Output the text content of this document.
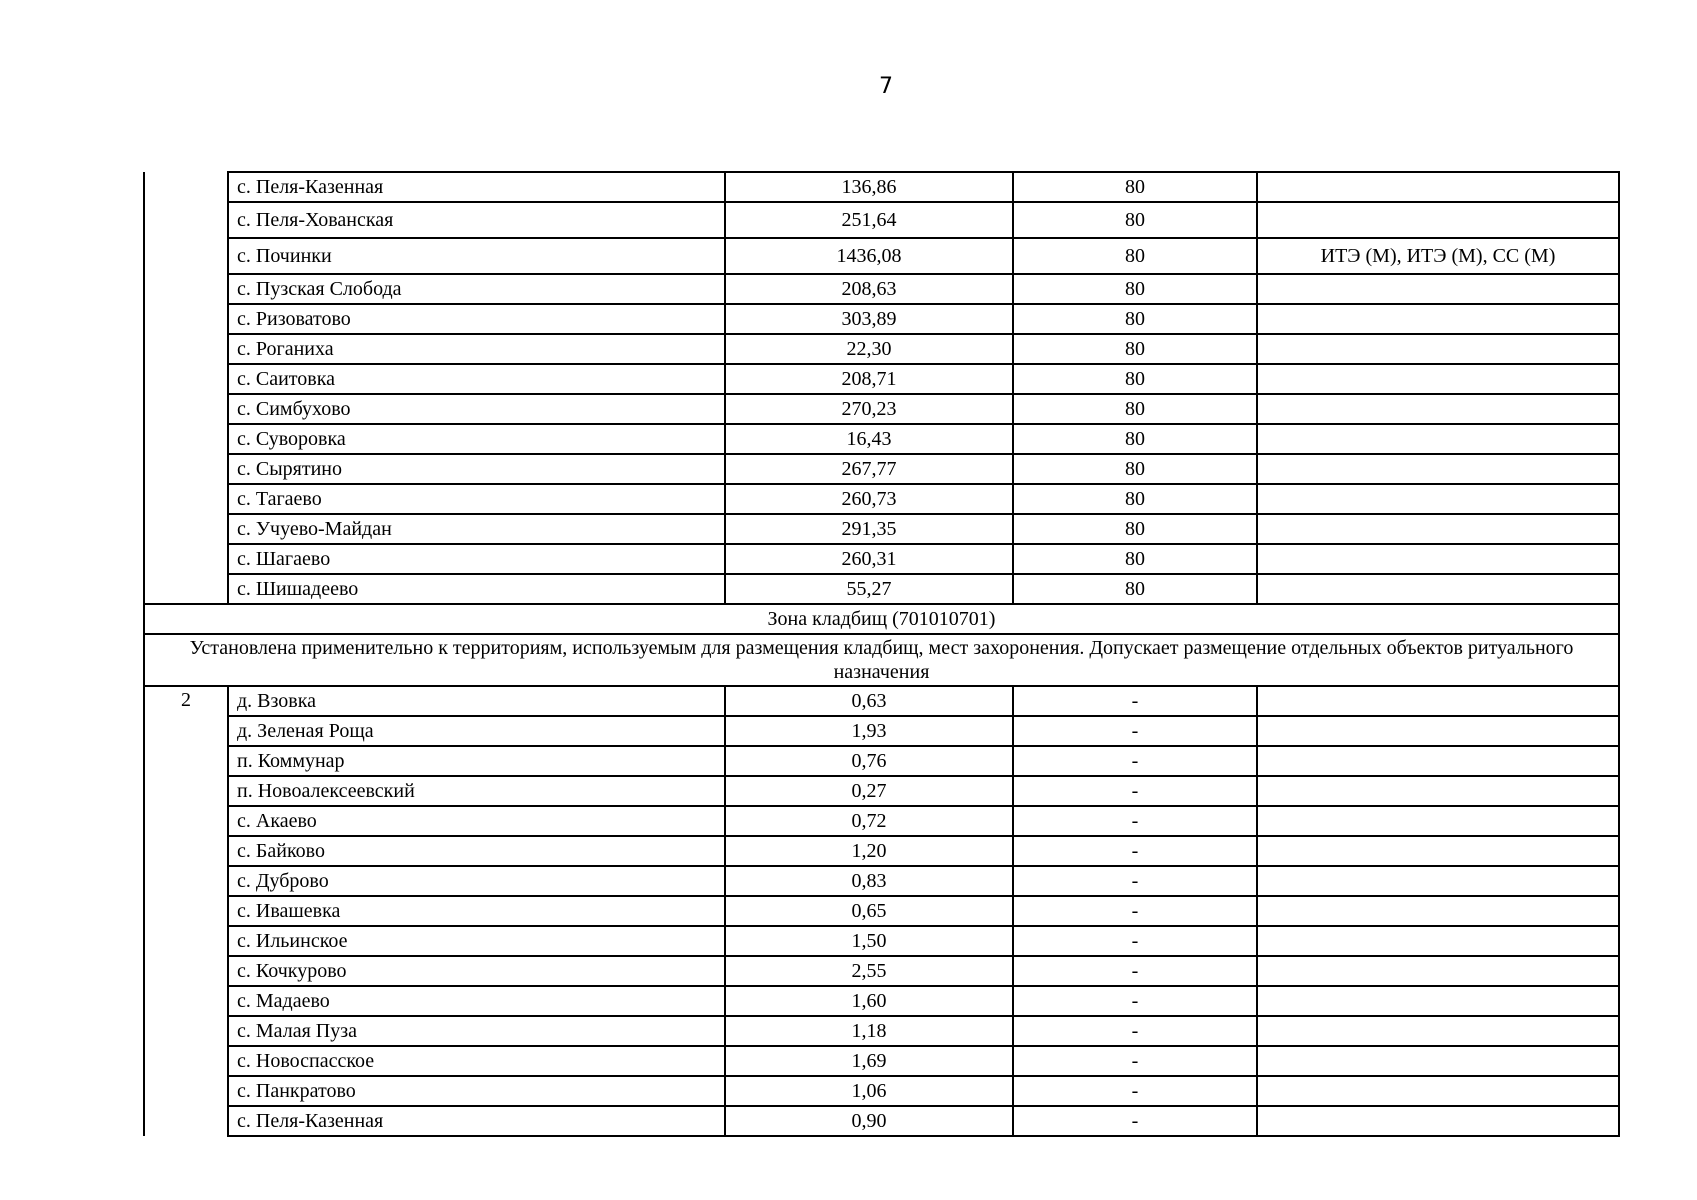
7
	с. Пеля-Казенная	136,86	80	
	с. Пеля-Хованская	251,64	80	
	с. Починки	1436,08	80	ИТЭ (М), ИТЭ (М), СС (М)
	с. Пузская Слобода	208,63	80	
	с. Ризоватово	303,89	80	
	с. Роганиха	22,30	80	
	с. Саитовка	208,71	80	
	с. Симбухово	270,23	80	
	с. Суворовка	16,43	80	
	с. Сырятино	267,77	80	
	с. Тагаево	260,73	80	
	с. Учуево-Майдан	291,35	80	
	с. Шагаево	260,31	80	
	с. Шишадеево	55,27	80	
Зона кладбищ (701010701)				
Установлена применительно к территориям, используемым для размещения кладбищ, мест захоронения. Допускает размещение отдельных объектов ритуального назначения				
2	д. Взовка	0,63	-	
	д. Зеленая Роща	1,93	-	
	п. Коммунар	0,76	-	
	п. Новоалексеевский	0,27	-	
	с. Акаево	0,72	-	
	с. Байково	1,20	-	
	с. Дуброво	0,83	-	
	с. Ивашевка	0,65	-	
	с. Ильинское	1,50	-	
	с. Кочкурово	2,55	-	
	с. Мадаево	1,60	-	
	с. Малая Пуза	1,18	-	
	с. Новоспасское	1,69	-	
	с. Панкратово	1,06	-	
	с. Пеля-Казенная	0,90	-	
